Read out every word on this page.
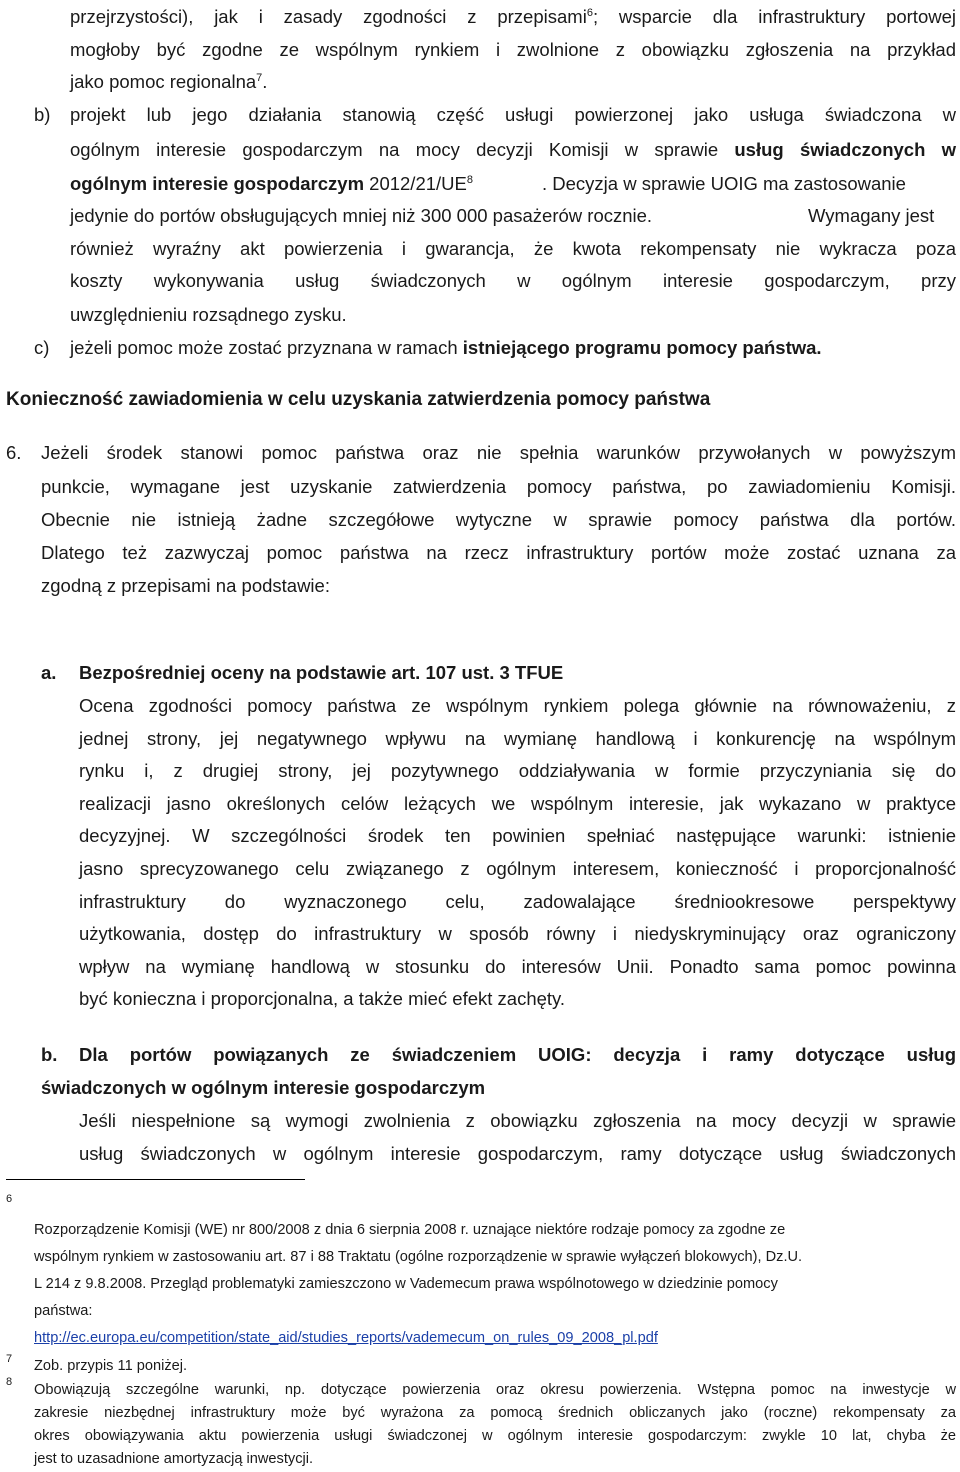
przejrzystości), jak i zasady zgodności z przepisami$^6$; wsparcie dla infrastruktury portowej
mogłoby być zgodne ze wspólnym rynkiem i zwolnione z obowiązku zgłoszenia na przykład
jako pomoc regionalna$^7$.
b) projekt lub jego działania stanowią część usługi powierzonej jako usługa świadczona w
ogólnym interesie gospodarczym na mocy decyzji Komisji w sprawie usług świadczonych w
ogólnym interesie gospodarczym $2012/21/UE^8$	. Decyzja w sprawie UOIG ma zastosowanie
jedynie do portów obsługujących mniej niż 300 000 pasażerów rocznie.	Wymagany jest
również wyraźny akt powierzenia i gwarancja, że kwota rekompensaty nie wykracza poza
koszty wykonywania usług świadczonych w ogólnym interesie gospodarczym, przy
uwzględnieniu rozsądnego zysku.
c) jeżeli pomoc może zostać przyznana w ramach istniejącego programu pomocy państwa.
Konieczność zawiadomienia w celu uzyskania zatwierdzenia pomocy państwa
6. Jeżeli środek stanowi pomoc państwa oraz nie spełnia warunków przywołanych w powyższym
punkcie, wymagane jest uzyskanie zatwierdzenia pomocy państwa, po zawiadomieniu Komisji.
Obecnie nie istnieją żadne szczegółowe wytyczne w sprawie pomocy państwa dla portów.
Dlatego też zazwyczaj pomoc państwa na rzecz infrastruktury portów może zostać uznana za
zgodną z przepisami na podstawie:
a. Bezpośredniej oceny na podstawie art. 107 ust. 3 TFUE
Ocena zgodności pomocy państwa ze wspólnym rynkiem polega głównie na równoważeniu, z
jednej strony, jej negatywnego wpływu na wymianę handlową i konkurencję na wspólnym
rynku i, z drugiej strony, jej pozytywnego oddziaływania w formie przyczyniania się do
realizacji jasno określonych celów leżących we wspólnym interesie, jak wykazano w praktyce
decyzyjnej. W szczególności środek ten powinien spełniać następujące warunki: istnienie
jasno sprecyzowanego celu związanego z ogólnym interesem, konieczność i proporcjonalność
infrastruktury do wyznaczonego celu, zadowalające średniookresowe perspektywy
użytkowania, dostęp do infrastruktury w sposób równy i niedyskryminujący oraz ograniczony
wpływ na wymianę handlową w stosunku do interesów Unii. Ponadto sama pomoc powinna
być konieczna i proporcjonalna, a także mieć efekt zachęty.
b. Dla portów powiązanych ze świadczeniem UOIG: decyzja i ramy dotyczące usług
świadczonych w ogólnym interesie gospodarczym
Jeśli niespełnione są wymogi zwolnienia z obowiązku zgłoszenia na mocy decyzji w sprawie
usług świadczonych w ogólnym interesie gospodarczym, ramy dotyczące usług świadczonych
6
Rozporządzenie Komisji (WE) nr 800/2008 z dnia 6 sierpnia 2008 r. uznające niektóre rodzaje pomocy za zgodne ze
wspólnym rynkiem w zastosowaniu art. 87 i 88 Traktatu (ogólne rozporządzenie w sprawie wyłączeń blokowych), Dz.U.
L 214 z 9.8.2008. Przegląd problematyki zamieszczono w Vademecum prawa wspólnotowego w dziedzinie pomocy
państwa:
http://ec.europa.eu/competition/state_aid/studies_reports/vademecum_on_rules_09_2008_pl.pdf
7 Zob. przypis 11 poniżej.
8 Obowiązują szczególne warunki, np. dotyczące powierzenia oraz okresu powierzenia. Wstępna pomoc na inwestycje w
zakresie niezbędnej infrastruktury może być wyrażona za pomocą średnich obliczanych jako (roczne) rekompensaty za
okres obowiązywania aktu powierzenia usługi świadczonej w ogólnym interesie gospodarczym: zwykle 10 lat, chyba że
jest to uzasadnione amortyzacją inwestycji.
